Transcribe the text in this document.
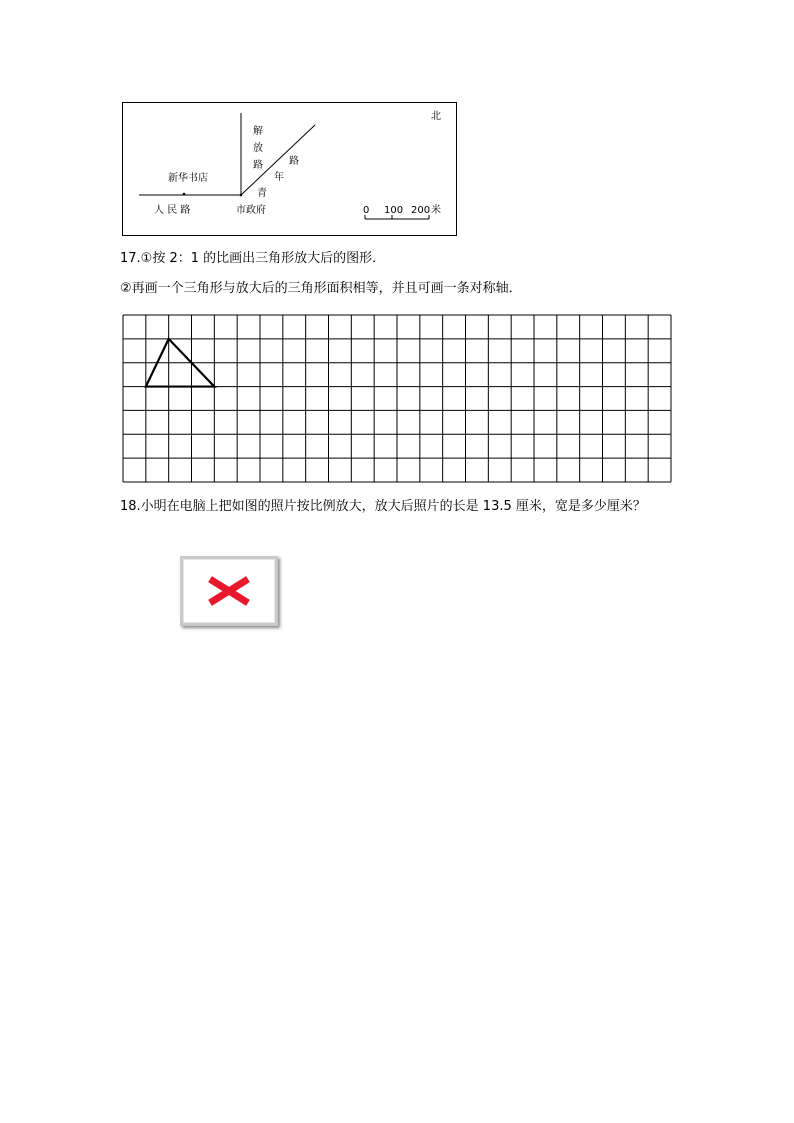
北
解
放
路	路
年
青
新华书店
人 民 路	市政府	0 100 200 米
17.①按 2：1 的比画出三角形放大后的图形．
②再画一个三角形与放大后的三角形面积相等，并且可画一条对称轴．
18.小明在电脑上把如图的照片按比例放大，放大后照片的长是 13.5 厘米，宽是多少厘米？
